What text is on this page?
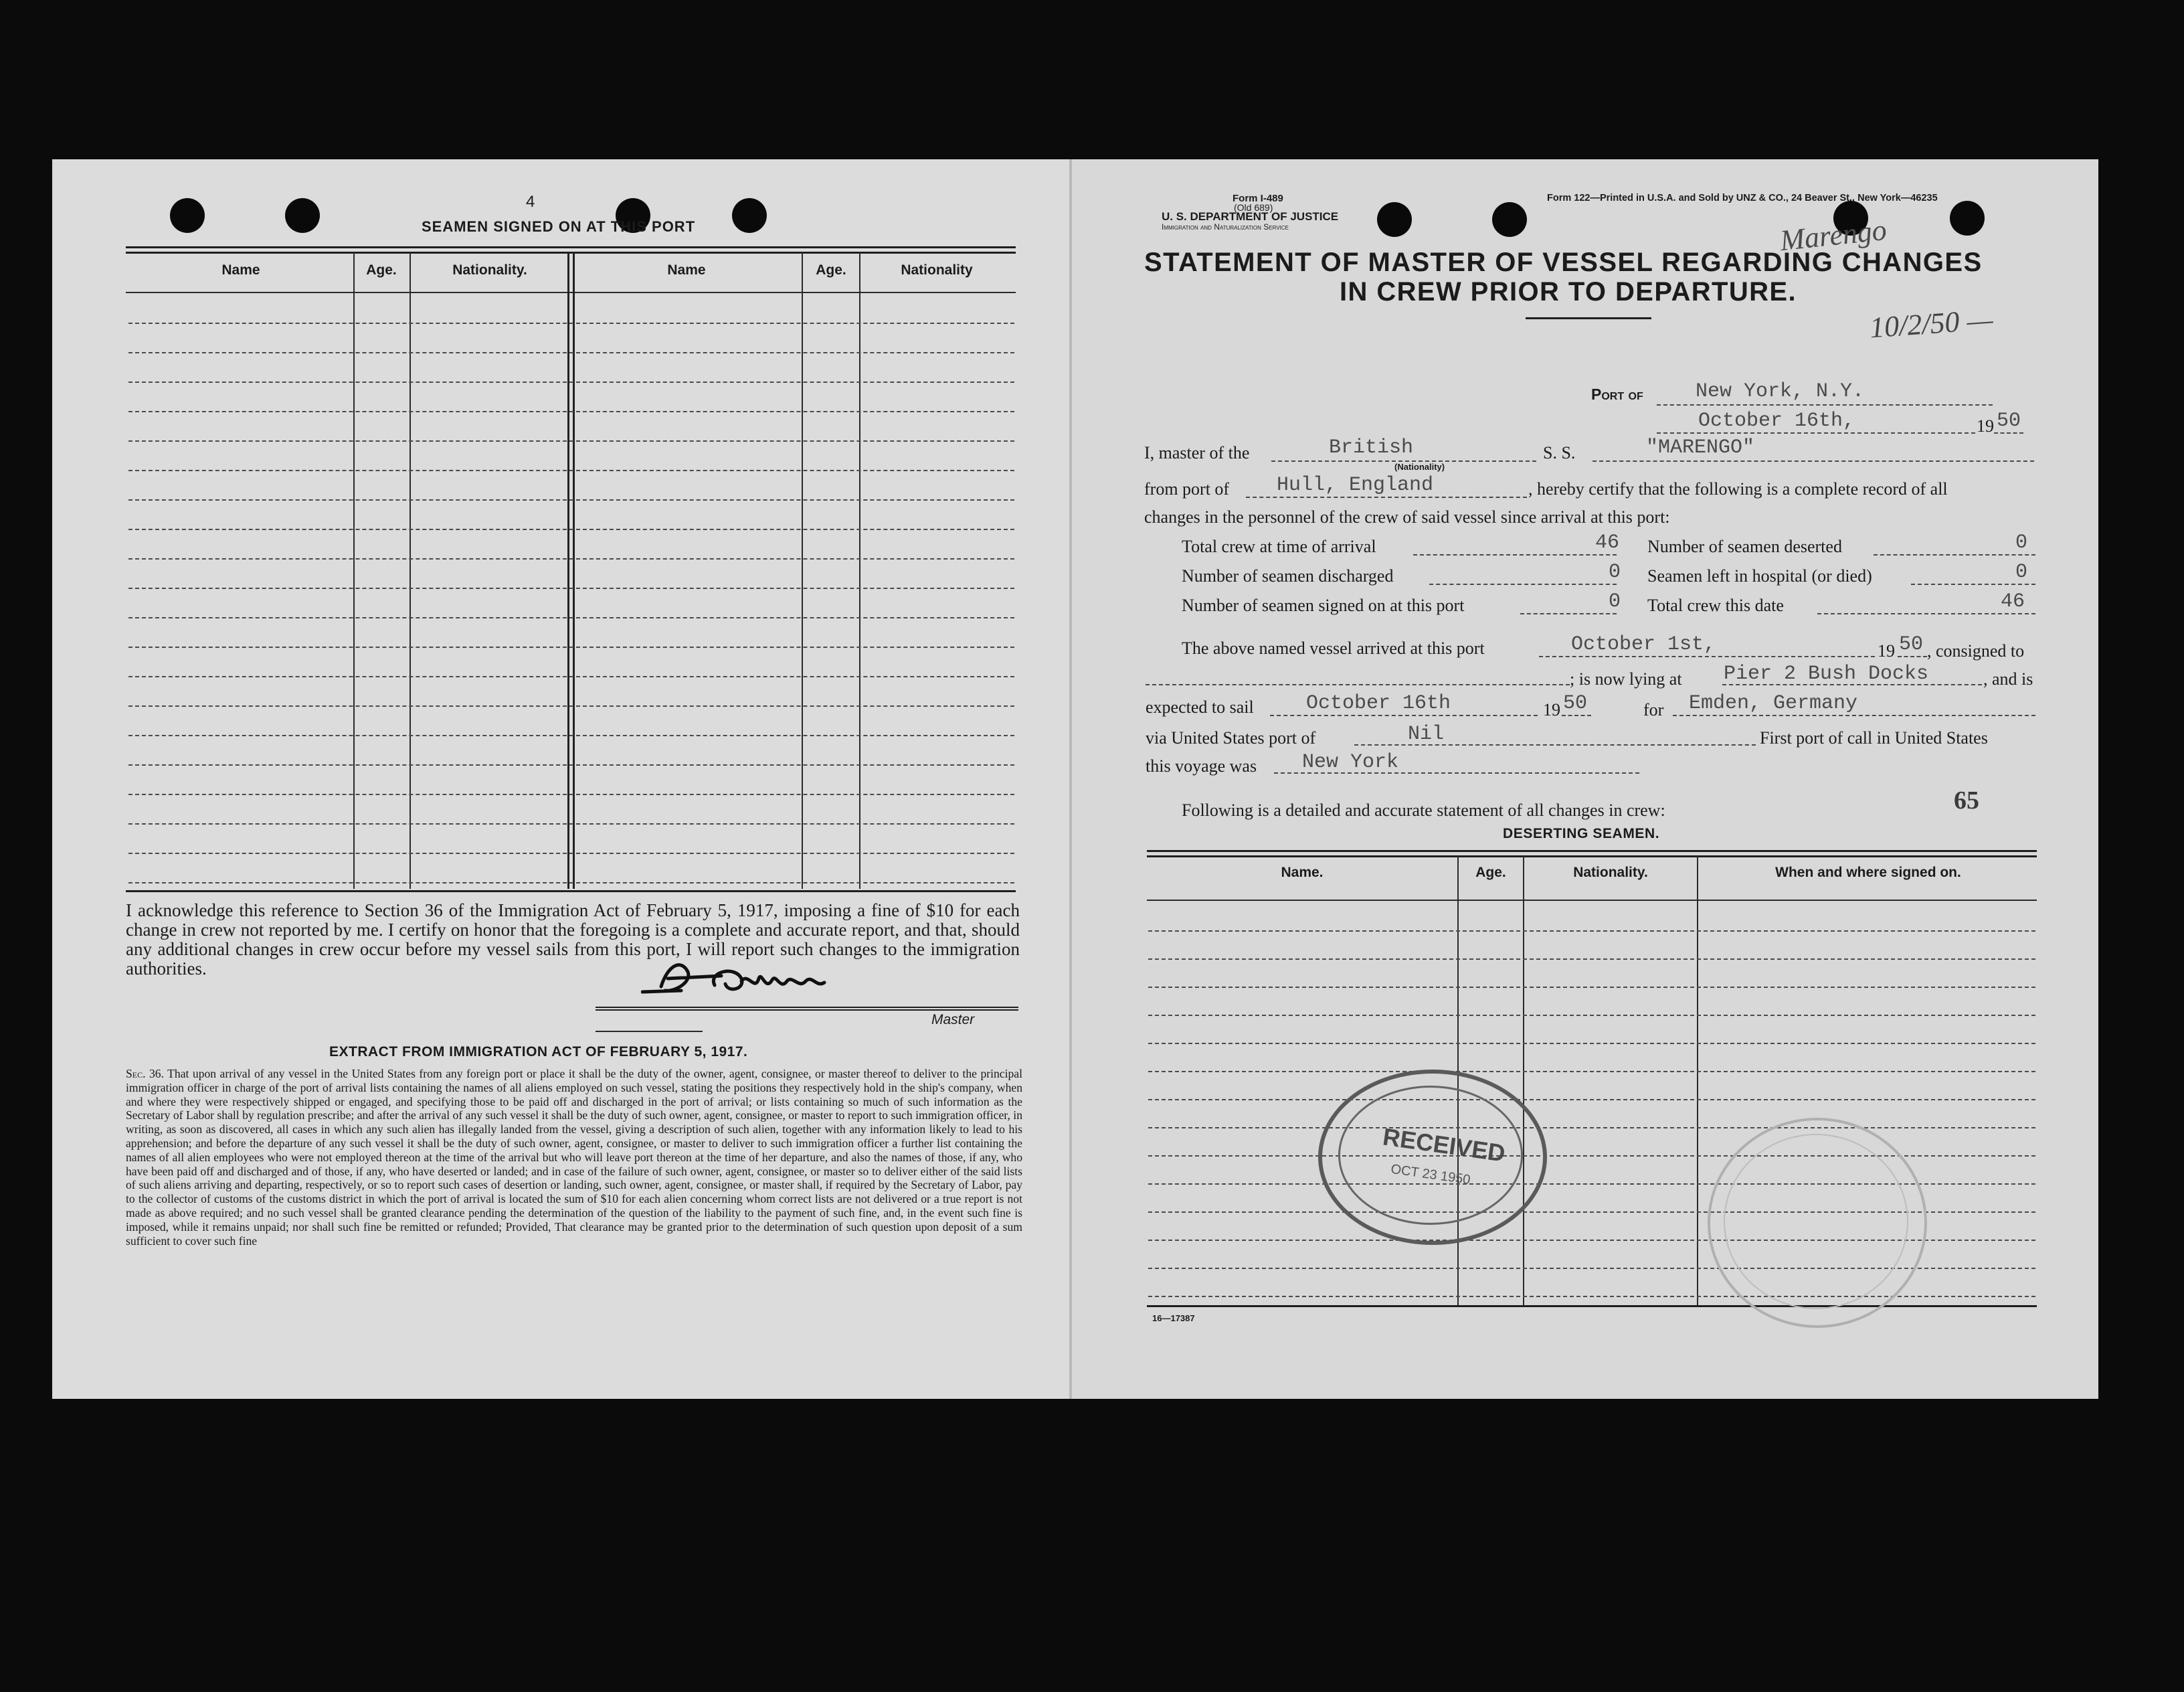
4
SEAMEN SIGNED ON AT THIS PORT
Name	Age.	Nationality.	Name	Age.	Nationality
I acknowledge this reference to Section 36 of the Immigration Act of February 5, 1917, imposing a fine of $10 for each change in crew not reported by me. I certify on honor that the foregoing is a complete and accurate report, and that, should any additional changes in crew occur before my vessel sails from this port, I will report such changes to the immigration authorities.
Master
EXTRACT FROM IMMIGRATION ACT OF FEBRUARY 5, 1917.
Sec. 36. That upon arrival of any vessel in the United States from any foreign port or place it shall be the duty of the owner, agent, consignee, or master thereof to deliver to the principal immigration officer in charge of the port of arrival lists containing the names of all aliens employed on such vessel, stating the positions they respectively hold in the ship's company, when and where they were respectively shipped or engaged, and specifying those to be paid off and discharged in the port of arrival; or lists containing so much of such information as the Secretary of Labor shall by regulation prescribe; and after the arrival of any such vessel it shall be the duty of such owner, agent, consignee, or master to report to such immigration officer, in writing, as soon as discovered, all cases in which any such alien has illegally landed from the vessel, giving a description of such alien, together with any information likely to lead to his apprehension; and before the departure of any such vessel it shall be the duty of such owner, agent, consignee, or master to deliver to such immigration officer a further list containing the names of all alien employees who were not employed thereon at the time of the arrival but who will leave port thereon at the time of her departure, and also the names of those, if any, who have been paid off and discharged and of those, if any, who have deserted or landed; and in case of the failure of such owner, agent, consignee, or master so to deliver either of the said lists of such aliens arriving and departing, respectively, or so to report such cases of desertion or landing, such owner, agent, consignee, or master shall, if required by the Secretary of Labor, pay to the collector of customs of the customs district in which the port of arrival is located the sum of $10 for each alien concerning whom correct lists are not delivered or a true report is not made as above required; and no such vessel shall be granted clearance pending the determination of the question of the liability to the payment of such fine, and, in the event such fine is imposed, while it remains unpaid; nor shall such fine be remitted or refunded; Provided, That clearance may be granted prior to the determination of such question upon deposit of a sum sufficient to cover such fine
Form I-489
(Old 689)
U. S. DEPARTMENT OF JUSTICE
Immigration and Naturalization Service
Form 122—Printed in U.S.A. and Sold by UNZ & CO., 24 Beaver St., New York—46235
Marengo
10/2/50 —
STATEMENT OF MASTER OF VESSEL REGARDING CHANGES
IN CREW PRIOR TO DEPARTURE.
Port of	New York, N.Y.
October 16th,	19 50
I, master of the	British
(Nationality)
S. S.	"MARENGO"
from port of Hull, England	, hereby certify that the following is a complete record of all
changes in the personnel of the crew of said vessel since arrival at this port:
Total crew at time of arrival	46 Number of seamen deserted	0
Number of seamen discharged	0 Seamen left in hospital (or died)	0
Number of seamen signed on at this port	0 Total crew this date	46
The above named vessel arrived at this port	October 1st,	19 50 , consigned to
; is now lying at Pier 2 Bush Docks	, and is
expected to sail	October 16th	19 50	for Emden, Germany
via United States port of	Nil	First port of call in United States
this voyage was New York
Following is a detailed and accurate statement of all changes in crew:	65
DESERTING SEAMEN.
Name.	Age.	Nationality.	When and where signed on.
16—17387
RECEIVED
OCT 23 1950
